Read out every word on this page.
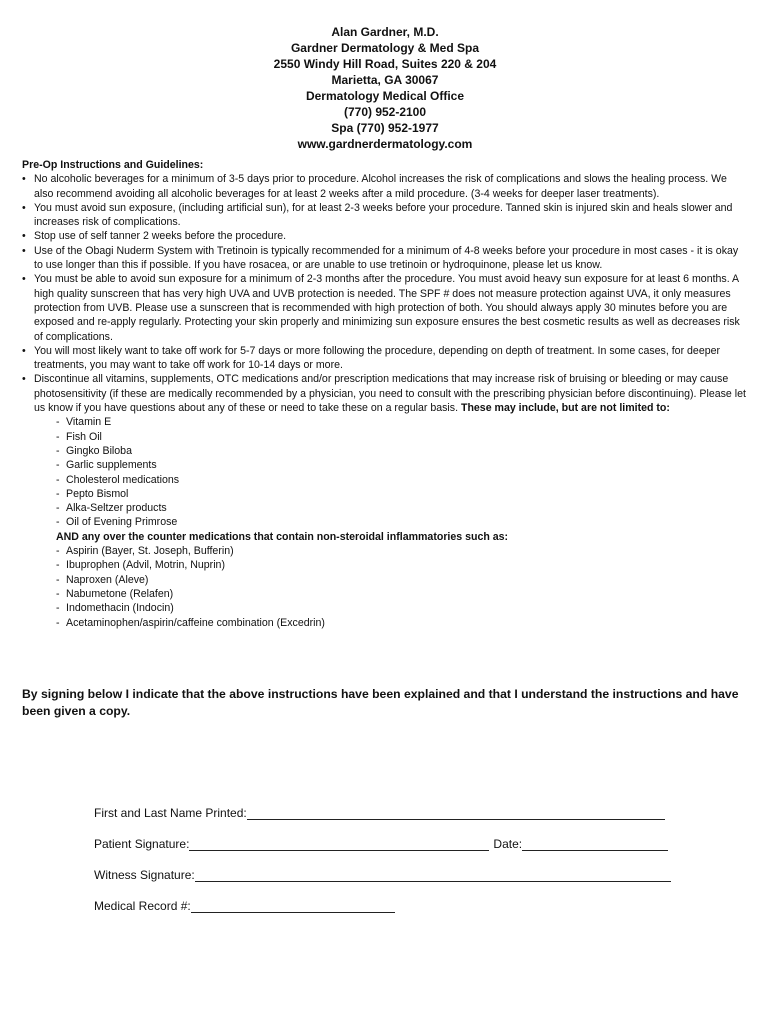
Alan Gardner, M.D.
Gardner Dermatology & Med Spa
2550 Windy Hill Road, Suites 220 & 204
Marietta, GA 30067
Dermatology Medical Office
(770) 952-2100
Spa (770) 952-1977
www.gardnerdermatology.com
Pre-Op Instructions and Guidelines:
• No alcoholic beverages for a minimum of 3-5 days prior to procedure. Alcohol increases the risk of complications and slows the healing process. We also recommend avoiding all alcoholic beverages for at least 2 weeks after a mild procedure. (3-4 weeks for deeper laser treatments).
• You must avoid sun exposure, (including artificial sun), for at least 2-3 weeks before your procedure. Tanned skin is injured skin and heals slower and increases risk of complications.
• Stop use of self tanner 2 weeks before the procedure.
• Use of the Obagi Nuderm System with Tretinoin is typically recommended for a minimum of 4-8 weeks before your procedure in most cases - it is okay to use longer than this if possible. If you have rosacea, or are unable to use tretinoin or hydroquinone, please let us know.
• You must be able to avoid sun exposure for a minimum of 2-3 months after the procedure. You must avoid heavy sun exposure for at least 6 months. A high quality sunscreen that has very high UVA and UVB protection is needed. The SPF # does not measure protection against UVA, it only measures protection from UVB. Please use a sunscreen that is recommended with high protection of both. You should always apply 30 minutes before you are exposed and re-apply regularly. Protecting your skin properly and minimizing sun exposure ensures the best cosmetic results as well as decreases risk of complications.
• You will most likely want to take off work for 5-7 days or more following the procedure, depending on depth of treatment. In some cases, for deeper treatments, you may want to take off work for 10-14 days or more.
• Discontinue all vitamins, supplements, OTC medications and/or prescription medications that may increase risk of bruising or bleeding or may cause photosensitivity (if these are medically recommended by a physician, you need to consult with the prescribing physician before discontinuing). Please let us know if you have questions about any of these or need to take these on a regular basis. These may include, but are not limited to:
- Vitamin E
- Fish Oil
- Gingko Biloba
- Garlic supplements
- Cholesterol medications
- Pepto Bismol
- Alka-Seltzer products
- Oil of Evening Primrose
AND any over the counter medications that contain non-steroidal inflammatories such as:
- Aspirin (Bayer, St. Joseph, Bufferin)
- Ibuprophen (Advil, Motrin, Nuprin)
- Naproxen (Aleve)
- Nabumetone (Relafen)
- Indomethacin (Indocin)
- Acetaminophen/aspirin/caffeine combination (Excedrin)
By signing below I indicate that the above instructions have been explained and that I understand the instructions and have been given a copy.
First and Last Name Printed:
Patient Signature:	Date:
Witness Signature:
Medical Record #:
